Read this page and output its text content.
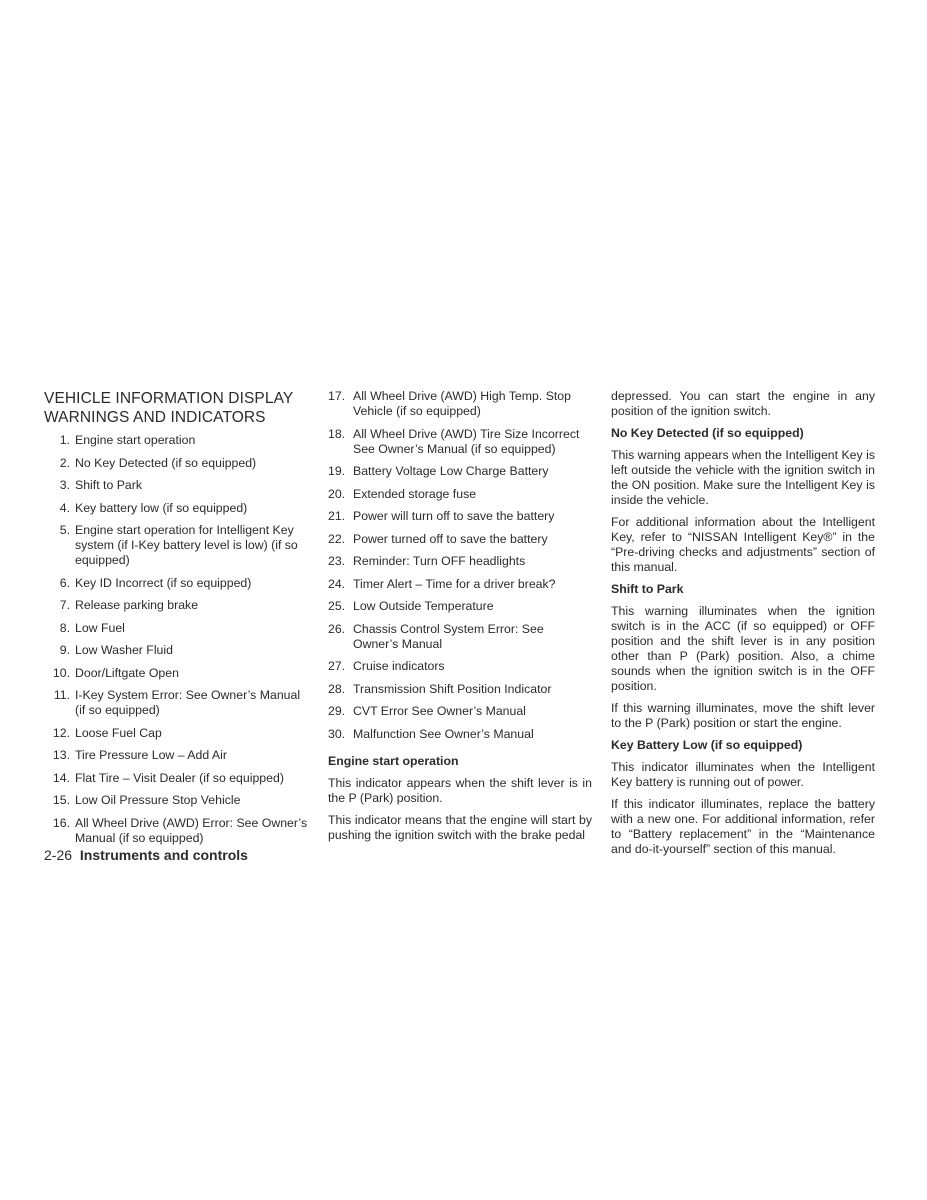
VEHICLE INFORMATION DISPLAY
WARNINGS AND INDICATORS
1. Engine start operation
2. No Key Detected (if so equipped)
3. Shift to Park
4. Key battery low (if so equipped)
5. Engine start operation for Intelligent Key system (if I-Key battery level is low) (if so equipped)
6. Key ID Incorrect (if so equipped)
7. Release parking brake
8. Low Fuel
9. Low Washer Fluid
10. Door/Liftgate Open
11. I-Key System Error: See Owner’s Manual (if so equipped)
12. Loose Fuel Cap
13. Tire Pressure Low – Add Air
14. Flat Tire – Visit Dealer (if so equipped)
15. Low Oil Pressure Stop Vehicle
16. All Wheel Drive (AWD) Error: See Owner’s Manual (if so equipped)
17. All Wheel Drive (AWD) High Temp. Stop Vehicle (if so equipped)
18. All Wheel Drive (AWD) Tire Size Incorrect See Owner’s Manual (if so equipped)
19. Battery Voltage Low Charge Battery
20. Extended storage fuse
21. Power will turn off to save the battery
22. Power turned off to save the battery
23. Reminder: Turn OFF headlights
24. Timer Alert – Time for a driver break?
25. Low Outside Temperature
26. Chassis Control System Error: See Owner’s Manual
27. Cruise indicators
28. Transmission Shift Position Indicator
29. CVT Error See Owner’s Manual
30. Malfunction See Owner’s Manual
Engine start operation

This indicator appears when the shift lever is in the P (Park) position.

This indicator means that the engine will start by pushing the ignition switch with the brake pedal

depressed. You can start the engine in any position of the ignition switch.

No Key Detected (if so equipped)

This warning appears when the Intelligent Key is left outside the vehicle with the ignition switch in the ON position. Make sure the Intelligent Key is inside the vehicle.

For additional information about the Intelligent Key, refer to “NISSAN Intelligent Key®” in the “Pre-driving checks and adjustments” section of this manual.

Shift to Park

This warning illuminates when the ignition switch is in the ACC (if so equipped) or OFF position and the shift lever is in any position other than P (Park) position. Also, a chime sounds when the ignition switch is in the OFF position.

If this warning illuminates, move the shift lever to the P (Park) position or start the engine.

Key Battery Low (if so equipped)

This indicator illuminates when the Intelligent Key battery is running out of power.

If this indicator illuminates, replace the battery with a new one. For additional information, refer to “Battery replacement” in the “Maintenance and do-it-yourself” section of this manual.

2-26 Instruments and controls
